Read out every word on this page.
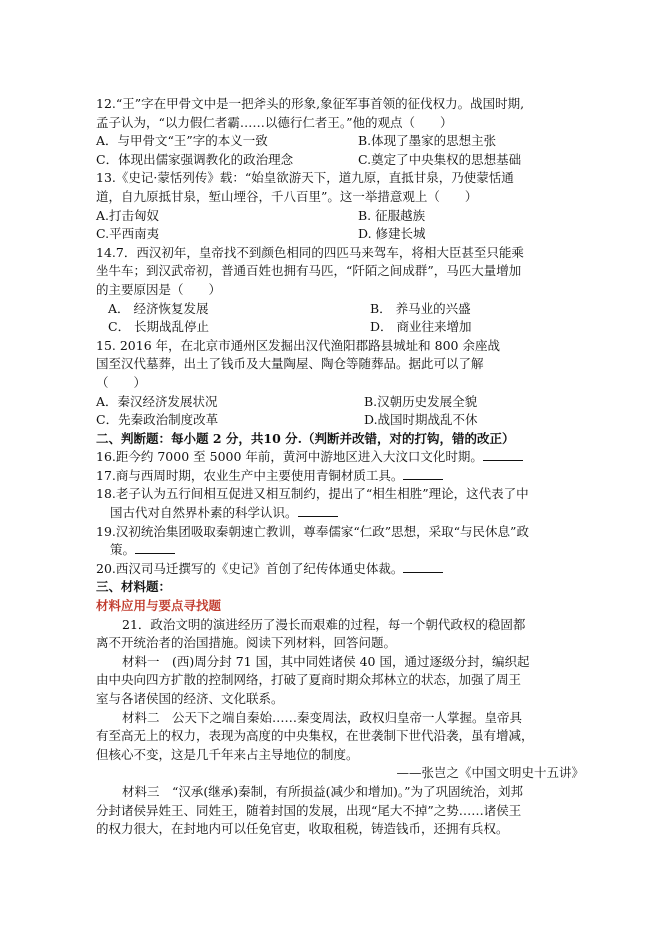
12.“王”字在甲骨文中是一把斧头的形象,象征军事首领的征伐权力。战国时期,
孟子认为，“以力假仁者霸……以德行仁者王。”他的观点（　　）
A．与甲骨文“王”字的本义一致	B.体现了墨家的思想主张
C．体现出儒家强调教化的政治理念	C.奠定了中央集权的思想基础
13.《史记·蒙恬列传》载：“始皇欲游天下，道九原，直抵甘泉，乃使蒙恬通
道，自九原抵甘泉，堑山堙谷，千八百里”。这一举措意观上（　　）
A.打击匈奴	B. 征服越族
C.平西南夷	D. 修建长城
14.7．西汉初年，皇帝找不到颜色相同的四匹马来驾车，将相大臣甚至只能乘
坐牛车；到汉武帝初，普通百姓也拥有马匹，“阡陌之间成群”，马匹大量增加
的主要原因是（　　）
A． 经济恢复发展	B． 养马业的兴盛
C． 长期战乱停止	D． 商业往来增加
15. 2016 年，在北京市通州区发掘出汉代渔阳郡路县城址和 800 余座战
国至汉代墓葬，出土了钱币及大量陶屋、陶仓等随葬品。据此可以了解
（　　）
A．秦汉经济发展状况	B.汉朝历史发展全貌
C．先秦政治制度改革	D.战国时期战乱不休
二、判断题：每小题 2 分，共10 分.（判断并改错，对的打钩，错的改正）
16.距今约 7000 至 5000 年前，黄河中游地区进入大汶口文化时期。
17.商与西周时期，农业生产中主要使用青铜材质工具。
18.老子认为五行间相互促进又相互制约，提出了“相生相胜”理论，这代表了中
国古代对自然界朴素的科学认识。
19.汉初统治集团吸取秦朝速亡教训，尊奉儒家“仁政”思想，采取“与民休息”政
策。
20.西汉司马迁撰写的《史记》首创了纪传体通史体裁。
三、材料题：
材料应用与要点寻找题
21．政治文明的演进经历了漫长而艰难的过程，每一个朝代政权的稳固都
离不开统治者的治国措施。阅读下列材料，回答问题。
材料一　(西)周分封 71 国，其中同姓诸侯 40 国，通过逐级分封，编织起
由中央向四方扩散的控制网络，打破了夏商时期众邦林立的状态，加强了周王
室与各诸侯国的经济、文化联系。
材料二　公天下之端自秦始……秦变周法，政权归皇帝一人掌握。皇帝具
有至高无上的权力，表现为高度的中央集权，在世袭制下世代沿袭，虽有增减，
但核心不变，这是几千年来占主导地位的制度。
——张岂之《中国文明史十五讲》
材料三　“汉承(继承)秦制，有所损益(减少和增加)。”为了巩固统治，刘邦
分封诸侯异姓王、同姓王，随着封国的发展，出现“尾大不掉”之势……诸侯王
的权力很大，在封地内可以任免官吏，收取租税，铸造钱币，还拥有兵权。
